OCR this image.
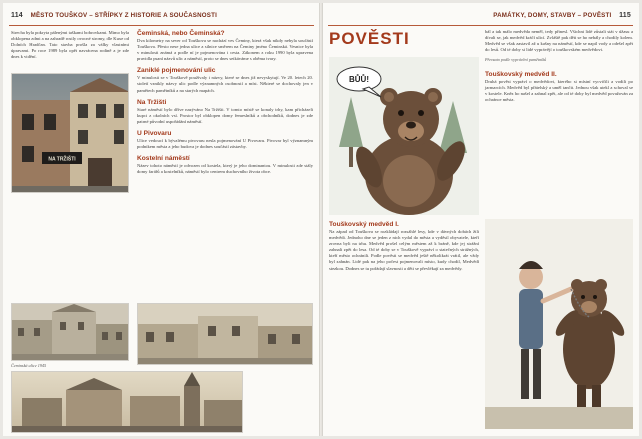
114 MĚSTO TOUŠKOV – STŘÍPKY Z HISTORIE A SOUČASNOSTI
Strecha byla pokryta pálenými taškami bobrovkami. Mimo byla obklopena zdmi a na zahradě rostly ovocné stromy, dle Kuxe od Dolních Hradčan. Tato stavba prošla za války vlastními úpravami. Po roce 1989 byla opět navrácena rodině a je zde dnes k vidění.
NA TRŽIŠTI
Čeminská ulice 1945
Čeminská, nebo Čeminská?
Dva kilometry na sever od Touškova se nachází ves Čeminy, která však nikdy nebyla součástí Touškova. Přesto nese jedna ulice a silnice směrem na Čeminy jméno Čeminská. Vesnice byla v minulosti známá a podle ní je pojmenována i cesta. Zákonem z roku 1990 byla upravena pravidla psaní názvů ulic a náměstí, proto se dnes setkáváme s oběma tvary.
Zaniklé pojmenování ulic
V minulosti se v Touškově používaly i názvy, které se dnes již nevyskytují. Ve 20. letech 20. století vznikly názvy ulic podle významných osobností a míst. Některé se dochovaly jen v pamětech pamětníků a na starých mapách.
Na Tržišti
Staré náměstí bylo dříve nazýváno Na Tržišti. V tomto místě se konaly trhy, kam přicházeli kupci z okolních vsí. Prostor byl obklopen domy řemeslníků a obchodníků, dodnes je zde patrné původní uspořádání náměstí.
U Pivovaru
Ulice vedoucí k bývalému pivovaru nesla pojmenování U Pivovaru. Pivovar byl významným podnikem města a jeho budova je dodnes součástí zástavby.
Kostelní náměstí
Název tohoto náměstí je odvozen od kostela, který je jeho dominantou. V minulosti zde stály domy farářů a kostelníků, náměstí bylo centrem duchovního života obce.
PAMÁTKY, DOMY, STAVBY – POVĚSTI 115
POVĚSTI
BŮŮ!
bál a tak málo medvěda neměl, tedy přinesl. Všichni lidé zůstali stát v úžasu a dívali se, jak medvěd kráčí ulicí. Zvláště pak děti se ho nebály a chodily kolem. Medvěd se však zastavil až u kašny na náměstí, kde se napil vody a odešel zpět do lesů. Od té doby si lidé vyprávějí o touškovském medvědovi.
Převzato podle vyprávění pamětníků
Touškovský medvěd II.
Druhá pověst vypráví o medvědovi, kterého si místní vycvičili a vodili po jarmarcích. Medvěd byl přátelský a uměl tančit. Jednou však utekl a schoval se v kostele. Kněz ho našel a zahnal zpět, ale od té doby byl medvěd považován za ochránce města.
Touškovský medvěd I.
Na západ od Touškova se rozkládají rozsáhlé lesy, kde v dávných dobách žili medvědi. Jednoho dne se jeden z nich vydal do města a vyděsil obyvatele, kteří zrovna byli na trhu. Medvěd prošel celým městem až k bráně, kde jej strážní zahnali zpět do lesa. Od té doby se v Touškově vypráví o statečných strážných, kteří město ochránili. Podle pověsti se medvěd ještě několikrát vrátil, ale vždy byl zahnán. Lidé pak na jeho počest pojmenovali místo, kudy chodil, Medvědí stezkou. Dodnes se tu pořádají slavnosti a děti se převlékají za medvědy.
